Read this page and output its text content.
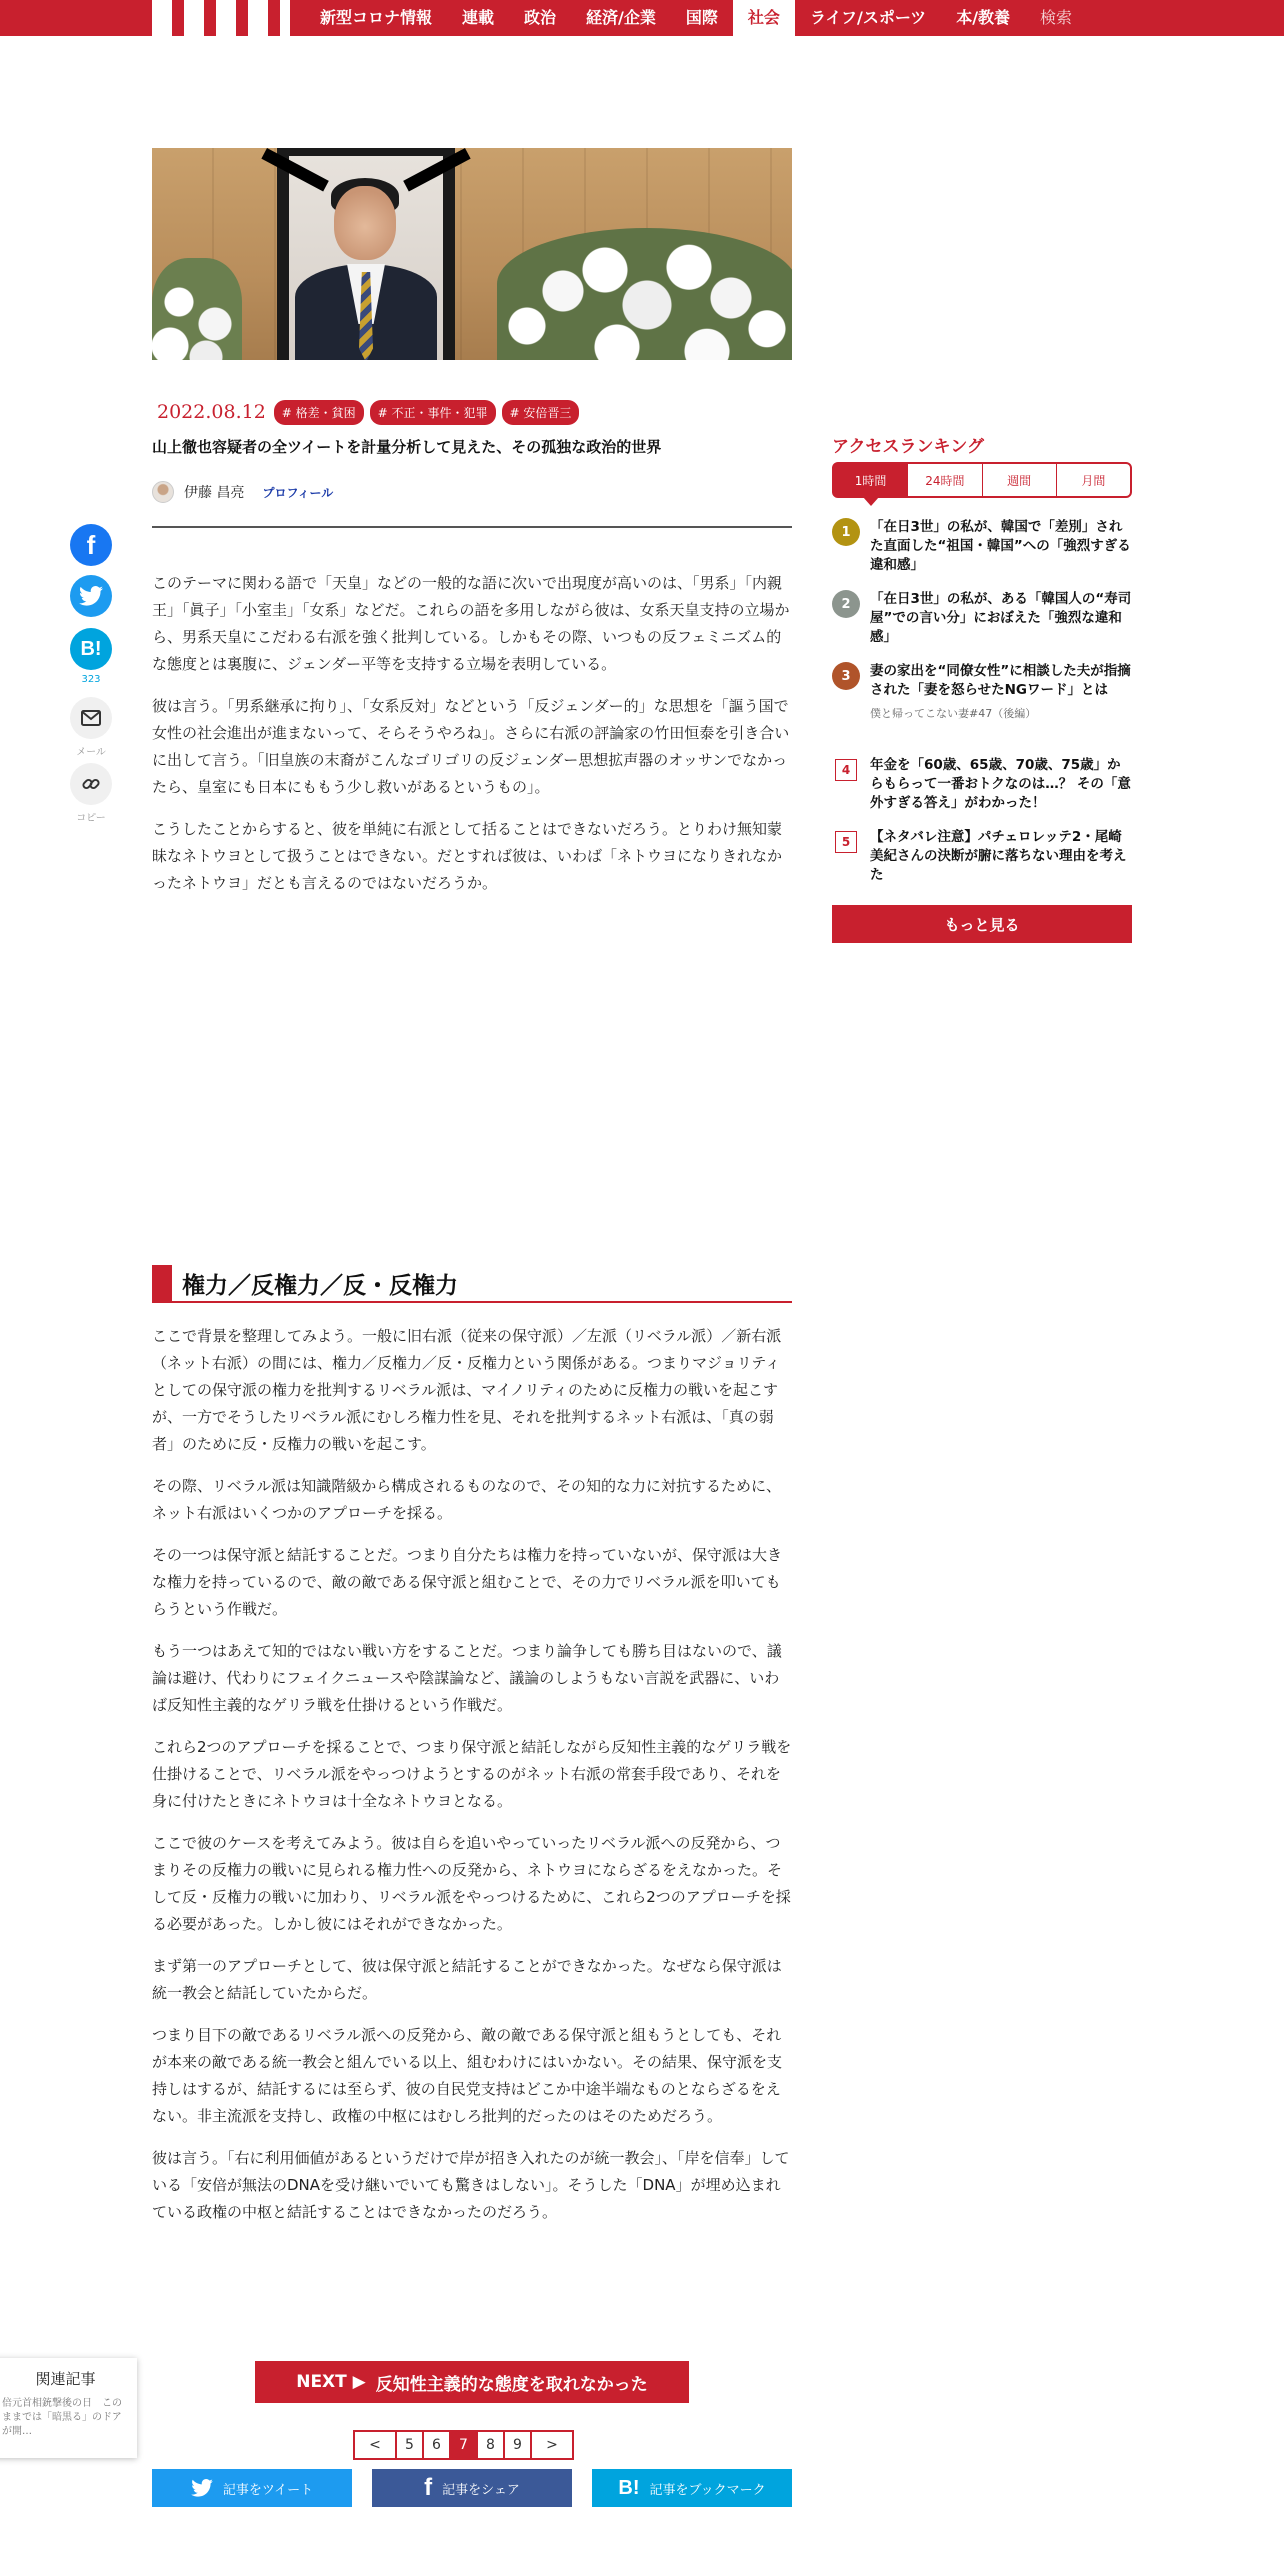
新型コロナ情報	連載	政治	経済/企業	国際	社会	ライフ/スポーツ	本/教養	検索
2022.08.12	# 格差・貧困	# 不正・事件・犯罪	# 安倍晋三
山上徹也容疑者の全ツイートを計量分析して見えた、その孤独な政治的世界
伊藤 昌亮 プロフィール
f
B!
323
メール
コピー

このテーマに関わる語で「天皇」などの一般的な語に次いで出現度が高いのは、「男系」「内親王」「眞子」「小室圭」「女系」などだ。これらの語を多用しながら彼は、女系天皇支持の立場から、男系天皇にこだわる右派を強く批判している。しかもその際、いつもの反フェミニズム的な態度とは裏腹に、ジェンダー平等を支持する立場を表明している。

彼は言う。「男系継承に拘り」、「女系反対」などという「反ジェンダー的」な思想を「謳う国で女性の社会進出が進まないって、そらそうやろね」。さらに右派の評論家の竹田恒泰を引き合いに出して言う。「旧皇族の末裔がこんなゴリゴリの反ジェンダー思想拡声器のオッサンでなかったら、皇室にも日本にももう少し救いがあるというもの」。

こうしたことからすると、彼を単純に右派として括ることはできないだろう。とりわけ無知蒙昧なネトウヨとして扱うことはできない。だとすれば彼は、いわば「ネトウヨになりきれなかったネトウヨ」だとも言えるのではないだろうか。

権力／反権力／反・反権力

ここで背景を整理してみよう。一般に旧右派（従来の保守派）／左派（リベラル派）／新右派（ネット右派）の間には、権力／反権力／反・反権力という関係がある。つまりマジョリティとしての保守派の権力を批判するリベラル派は、マイノリティのために反権力の戦いを起こすが、一方でそうしたリベラル派にむしろ権力性を見、それを批判するネット右派は、「真の弱者」のために反・反権力の戦いを起こす。

その際、リベラル派は知識階級から構成されるものなので、その知的な力に対抗するために、ネット右派はいくつかのアプローチを採る。

その一つは保守派と結託することだ。つまり自分たちは権力を持っていないが、保守派は大きな権力を持っているので、敵の敵である保守派と組むことで、その力でリベラル派を叩いてもらうという作戦だ。

もう一つはあえて知的ではない戦い方をすることだ。つまり論争しても勝ち目はないので、議論は避け、代わりにフェイクニュースや陰謀論など、議論のしようもない言説を武器に、いわば反知性主義的なゲリラ戦を仕掛けるという作戦だ。

これら2つのアプローチを採ることで、つまり保守派と結託しながら反知性主義的なゲリラ戦を仕掛けることで、リベラル派をやっつけようとするのがネット右派の常套手段であり、それを身に付けたときにネトウヨは十全なネトウヨとなる。

ここで彼のケースを考えてみよう。彼は自らを追いやっていったリベラル派への反発から、つまりその反権力の戦いに見られる権力性への反発から、ネトウヨにならざるをえなかった。そして反・反権力の戦いに加わり、リベラル派をやっつけるために、これら2つのアプローチを採る必要があった。しかし彼にはそれができなかった。

まず第一のアプローチとして、彼は保守派と結託することができなかった。なぜなら保守派は統一教会と結託していたからだ。

つまり目下の敵であるリベラル派への反発から、敵の敵である保守派と組もうとしても、それが本来の敵である統一教会と組んでいる以上、組むわけにはいかない。その結果、保守派を支持しはするが、結託するには至らず、彼の自民党支持はどこか中途半端なものとならざるをえない。非主流派を支持し、政権の中枢にはむしろ批判的だったのはそのためだろう。

彼は言う。「右に利用価値があるというだけで岸が招き入れたのが統一教会」、「岸を信奉」している「安倍が無法のDNAを受け継いでいても驚きはしない」。そうした「DNA」が埋め込まれている政権の中枢と結託することはできなかったのだろう。

NEXT ▶ 反知性主義的な態度を取れなかった
<	5	6	7	8	9	>
記事をツイート	f 記事をシェア	B! 記事をブックマーク
関連記事
倍元首相銃撃後の日　このままでは「暗黒る」のドアが開…
アクセスランキング
1時間	24時間	週間	月間
1	「在日3世」の私が、韓国で「差別」された直面した“祖国・韓国”への「強烈すぎる違和感」
2	「在日3世」の私が、ある「韓国人の“寿司屋”での言い分」におぼえた「強烈な違和感」
3	妻の家出を“同僚女性”に相談した夫が指摘された「妻を怒らせたNGワード」とは
僕と帰ってこない妻#47（後編）
4	年金を「60歳、65歳、70歳、75歳」からもらって一番おトクなのは…？ その「意外すぎる答え」がわかった！
5	【ネタバレ注意】パチェロレッテ2・尾崎美紀さんの決断が腑に落ちない理由を考えた
もっと見る
